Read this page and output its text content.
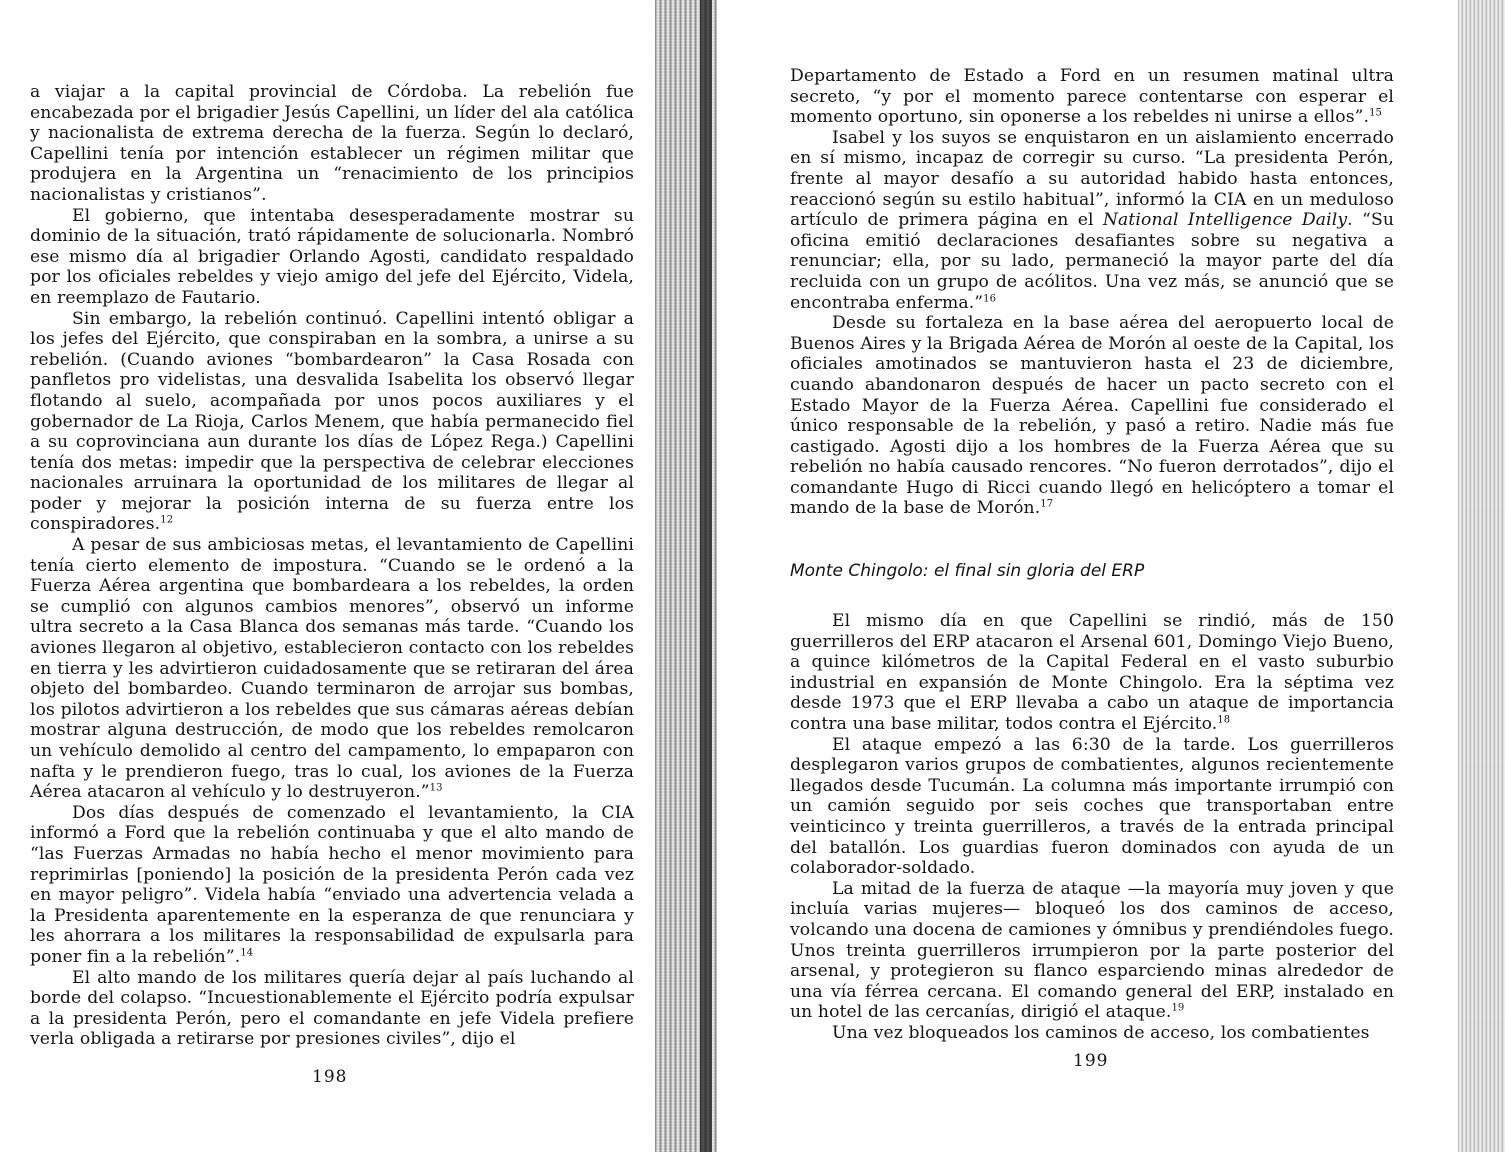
a viajar a la capital provincial de Córdoba. La rebelión fue encabezada por el brigadier Jesús Capellini, un líder del ala católica y nacionalista de extrema derecha de la fuerza. Según lo declaró, Capellini tenía por intención establecer un régimen militar que produjera en la Argentina un “renacimiento de los principios nacionalistas y cristianos”.

El gobierno, que intentaba desesperadamente mostrar su dominio de la situación, trató rápidamente de solucionarla. Nombró ese mismo día al brigadier Orlando Agosti, candidato respaldado por los oficiales rebeldes y viejo amigo del jefe del Ejército, Videla, en reemplazo de Fautario.

Sin embargo, la rebelión continuó. Capellini intentó obligar a los jefes del Ejército, que conspiraban en la sombra, a unirse a su rebelión. (Cuando aviones “bombardearon” la Casa Rosada con panfletos pro videlistas, una desvalida Isabelita los observó llegar flotando al suelo, acompañada por unos pocos auxiliares y el gobernador de La Rioja, Carlos Menem, que había permanecido fiel a su coprovinciana aun durante los días de López Rega.) Capellini tenía dos metas: impedir que la perspectiva de celebrar elecciones nacionales arruinara la oportunidad de los militares de llegar al poder y mejorar la posición interna de su fuerza entre los conspiradores.$^{12}$

A pesar de sus ambiciosas metas, el levantamiento de Capellini tenía cierto elemento de impostura. “Cuando se le ordenó a la Fuerza Aérea argentina que bombardeara a los rebeldes, la orden se cumplió con algunos cambios menores”, observó un informe ultra secreto a la Casa Blanca dos semanas más tarde. “Cuando los aviones llegaron al objetivo, establecieron contacto con los rebeldes en tierra y les advirtieron cuidadosamente que se retiraran del área objeto del bombardeo. Cuando terminaron de arrojar sus bombas, los pilotos advirtieron a los rebeldes que sus cámaras aéreas debían mostrar alguna destrucción, de modo que los rebeldes remolcaron un vehículo demolido al centro del campamento, lo empaparon con nafta y le prendieron fuego, tras lo cual, los aviones de la Fuerza Aérea atacaron al vehículo y lo destruyeron.”$^{13}$

Dos días después de comenzado el levantamiento, la CIA informó a Ford que la rebelión continuaba y que el alto mando de “las Fuerzas Armadas no había hecho el menor movimiento para reprimirlas [poniendo] la posición de la presidenta Perón cada vez en mayor peligro”. Videla había “enviado una advertencia velada a la Presidenta aparentemente en la esperanza de que renunciara y les ahorrara a los militares la responsabilidad de expulsarla para poner fin a la rebelión”.$^{14}$

El alto mando de los militares quería dejar al país luchando al borde del colapso. “Incuestionablemente el Ejército podría expulsar a la presidenta Perón, pero el comandante en jefe Videla prefiere verla obligada a retirarse por presiones civiles”, dijo el

198

Departamento de Estado a Ford en un resumen matinal ultra secreto, “y por el momento parece contentarse con esperar el momento oportuno, sin oponerse a los rebeldes ni unirse a ellos”.$^{15}$

Isabel y los suyos se enquistaron en un aislamiento encerrado en sí mismo, incapaz de corregir su curso. “La presidenta Perón, frente al mayor desafío a su autoridad habido hasta entonces, reaccionó según su estilo habitual”, informó la CIA en un meduloso artículo de primera página en el National Intelligence Daily. “Su oficina emitió declaraciones desafiantes sobre su negativa a renunciar; ella, por su lado, permaneció la mayor parte del día recluida con un grupo de acólitos. Una vez más, se anunció que se encontraba enferma.”$^{16}$

Desde su fortaleza en la base aérea del aeropuerto local de Buenos Aires y la Brigada Aérea de Morón al oeste de la Capital, los oficiales amotinados se mantuvieron hasta el 23 de diciembre, cuando abandonaron después de hacer un pacto secreto con el Estado Mayor de la Fuerza Aérea. Capellini fue considerado el único responsable de la rebelión, y pasó a retiro. Nadie más fue castigado. Agosti dijo a los hombres de la Fuerza Aérea que su rebelión no había causado rencores. “No fueron derrotados”, dijo el comandante Hugo di Ricci cuando llegó en helicóptero a tomar el mando de la base de Morón.$^{17}$

Monte Chingolo: el final sin gloria del ERP

El mismo día en que Capellini se rindió, más de 150 guerrilleros del ERP atacaron el Arsenal 601, Domingo Viejo Bueno, a quince kilómetros de la Capital Federal en el vasto suburbio industrial en expansión de Monte Chingolo. Era la séptima vez desde 1973 que el ERP llevaba a cabo un ataque de importancia contra una base militar, todos contra el Ejército.$^{18}$

El ataque empezó a las 6:30 de la tarde. Los guerrilleros desplegaron varios grupos de combatientes, algunos recientemente llegados desde Tucumán. La columna más importante irrumpió con un camión seguido por seis coches que transportaban entre veinticinco y treinta guerrilleros, a través de la entrada principal del batallón. Los guardias fueron dominados con ayuda de un colaborador-soldado.

La mitad de la fuerza de ataque —la mayoría muy joven y que incluía varias mujeres— bloqueó los dos caminos de acceso, volcando una docena de camiones y ómnibus y prendiéndoles fuego. Unos treinta guerrilleros irrumpieron por la parte posterior del arsenal, y protegieron su flanco esparciendo minas alrededor de una vía férrea cercana. El comando general del ERP, instalado en un hotel de las cercanías, dirigió el ataque.$^{19}$

Una vez bloqueados los caminos de acceso, los combatientes

199
